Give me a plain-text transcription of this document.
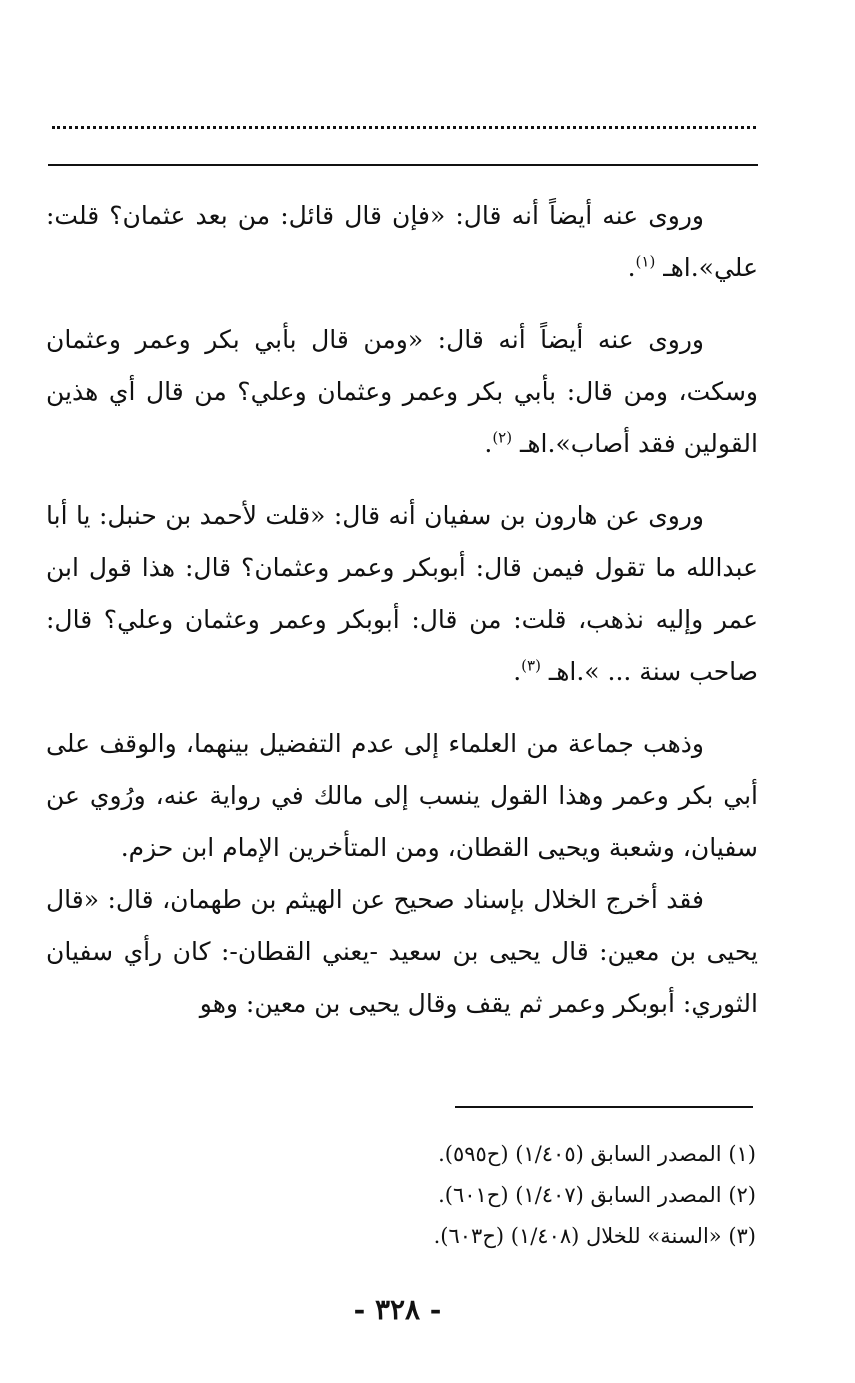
وروى عنه أيضاً أنه قال: «فإن قال قائل: من بعد عثمان؟ قلت: علي».اهـ $^{(١)}$.

وروى عنه أيضاً أنه قال: «ومن قال بأبي بكر وعمر وعثمان وسكت، ومن قال: بأبي بكر وعمر وعثمان وعلي؟ من قال أي هذين القولين فقد أصاب».اهـ $^{(٢)}$.

وروى عن هارون بن سفيان أنه قال: «قلت لأحمد بن حنبل: يا أبا عبدالله ما تقول فيمن قال: أبوبكر وعمر وعثمان؟ قال: هذا قول ابن عمر وإليه نذهب، قلت: من قال: أبوبكر وعمر وعثمان وعلي؟ قال: صاحب سنة ... ».اهـ $^{(٣)}$.

وذهب جماعة من العلماء إلى عدم التفضيل بينهما، والوقف على أبي بكر وعمر وهذا القول ينسب إلى مالك في رواية عنه، ورُوي عن سفيان، وشعبة ويحيى القطان، ومن المتأخرين الإمام ابن حزم.

فقد أخرج الخلال بإسناد صحيح عن الهيثم بن طهمان، قال: «قال يحيى بن معين: قال يحيى بن سعيد -يعني القطان-: كان رأي سفيان الثوري: أبوبكر وعمر ثم يقف وقال يحيى بن معين: وهو

(١) المصدر السابق (١/٤٠٥) (ح٥٩٥).

(٢) المصدر السابق (١/٤٠٧) (ح٦٠١).

(٣) «السنة» للخلال (١/٤٠٨) (ح٦٠٣).

- ٣٢٨ -
